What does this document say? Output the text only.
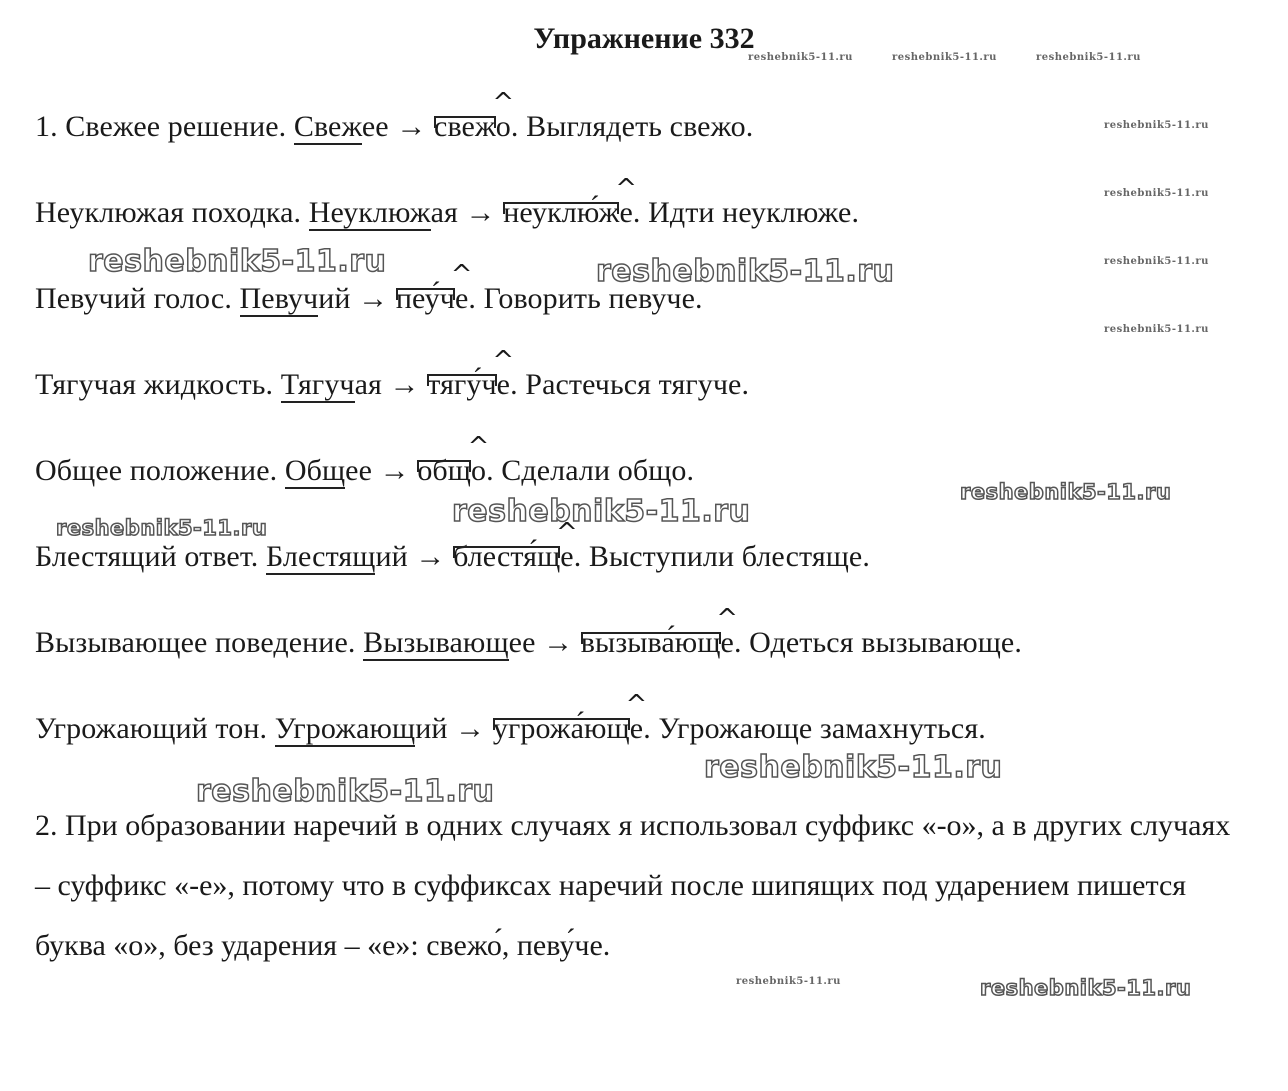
Упражнение 332
reshebnik5-11.ru	reshebnik5-11.ru	reshebnik5-11.ru
reshebnik5-11.ru
reshebnik5-11.ru
reshebnik5-11.ru
reshebnik5-11.ru
reshebnik5-11.ru
1. Свежее решение. Свежее → свеж^ о. Выглядеть свежо.
Неуклюжая походка. Неуклюжая → неуклю́ж^ е. Идти неуклюже.
Певучий голос. Певучий → пеу́ч^ е. Говорить певуче.
Тягучая жидкость. Тягучая → тягу́ч^ е. Растечься тягуче.
Общее положение. Общее → общ^ о. Сделали общо.
Блестящий ответ. Блестящий → блестя́щ^ е. Выступили блестяще.
Вызывающее поведение. Вызывающее → вызыва́ющ^ е. Одеться вызывающе.
Угрожающий тон. Угрожающий → угрожа́ющ^ е. Угрожающе замахнуться.
2. При образовании наречий в одних случаях я использовал суффикс «-о», а в других случаях – суффикс «-е», потому что в суффиксах наречий после шипящих под ударением пишется буква «о», без ударения – «е»: свежо́, певу́че.
reshebnik5-11.ru	reshebnik5-11.ru
reshebnik5-11.ru
reshebnik5-11.ru
reshebnik5-11.ru
reshebnik5-11.ru
reshebnik5-11.ru
reshebnik5-11.ru
